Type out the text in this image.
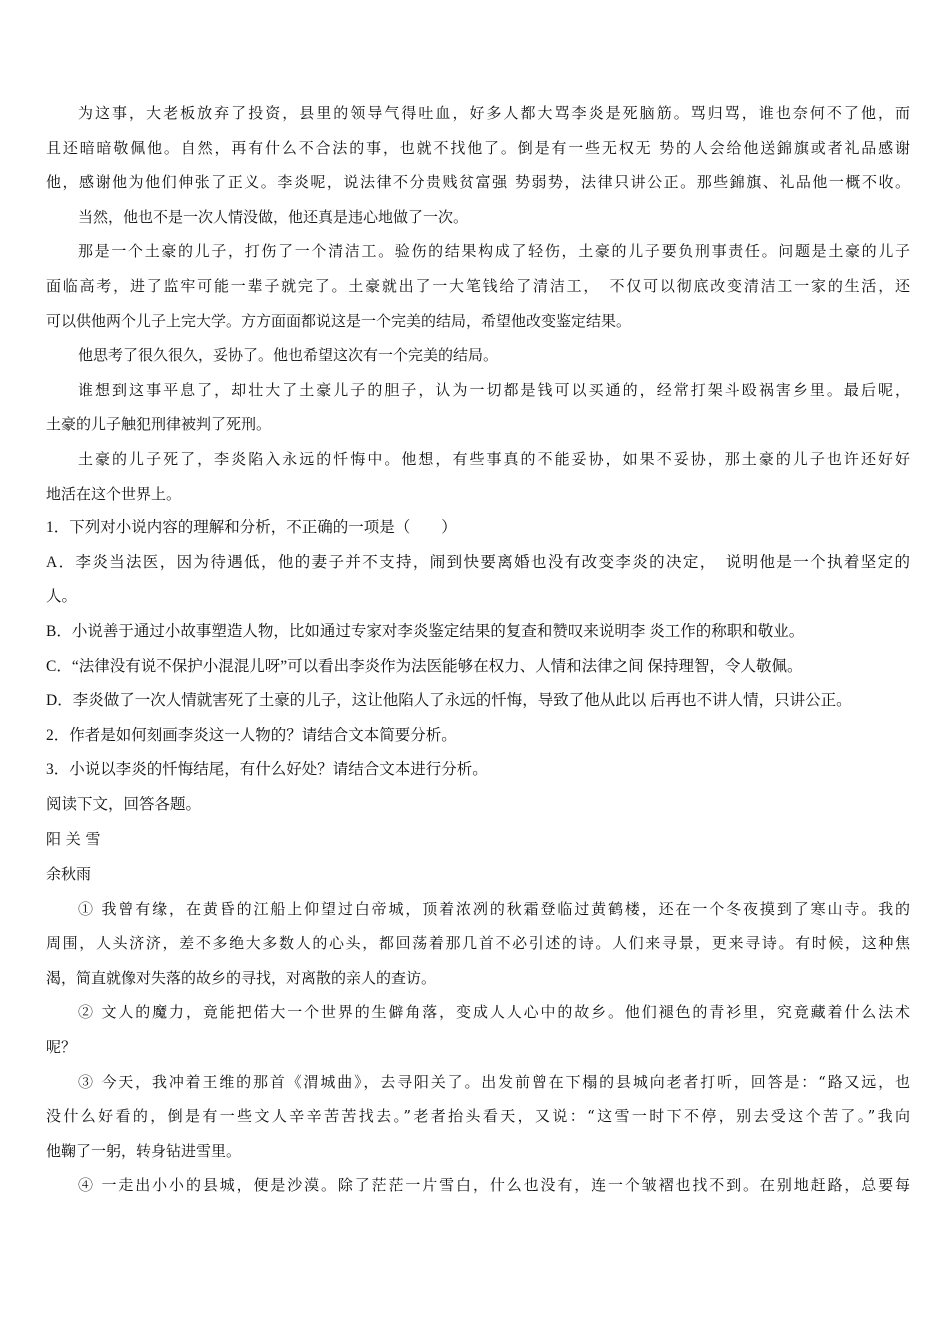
为这事，大老板放弃了投资，县里的领导气得吐血，好多人都大骂李炎是死脑筋。骂归骂，谁也奈何不了他，而
且还暗暗敬佩他。自然，再有什么不合法的事，也就不找他了。倒是有一些无权无 势的人会给他送錦旗或者礼品感谢
他，感谢他为他们伸张了正义。李炎呢，说法律不分贵贱贫富强 势弱势，法律只讲公正。那些錦旗、礼品他一概不收。
当然，他也不是一次人情没做，他还真是违心地做了一次。
那是一个土豪的儿子，打伤了一个清洁工。验伤的结果构成了轻伤，土豪的儿子要负刑事责任。问题是土豪的儿子
面临高考，进了监牢可能一辈子就完了。土豪就出了一大笔钱给了清洁工，　不仅可以彻底改变清洁工一家的生活，还
可以供他两个儿子上完大学。方方面面都说这是一个完美的结局，希望他改变鉴定结果。
他思考了很久很久，妥协了。他也希望这次有一个完美的结局。
谁想到这事平息了，却壮大了土豪儿子的胆子，认为一切都是钱可以买通的，经常打架斗殴祸害乡里。最后呢，
土豪的儿子触犯刑律被判了死刑。
土豪的儿子死了，李炎陷入永远的忏悔中。他想，有些事真的不能妥协，如果不妥协，那土豪的儿子也许还好好
地活在这个世界上。
1．下列对小说内容的理解和分析，不正确的一项是（　　）
A．李炎当法医，因为待遇低，他的妻子并不支持，闹到快要离婚也没有改变李炎的决定，　说明他是一个执着坚定的
人。
B．小说善于通过小故事塑造人物，比如通过专家对李炎鉴定结果的复查和赞叹来说明李 炎工作的称职和敬业。
C．“法律没有说不保护小混混儿呀”可以看出李炎作为法医能够在权力、人情和法律之间 保持理智，令人敬佩。
D．李炎做了一次人情就害死了土豪的儿子，这让他陷人了永远的忏悔，导致了他从此以 后再也不讲人情，只讲公正。
2．作者是如何刻画李炎这一人物的？请结合文本简要分析。
3．小说以李炎的忏悔结尾，有什么好处？请结合文本进行分析。
阅读下文，回答各题。
阳 关 雪
余秋雨
① 我曾有缘，在黄昏的江船上仰望过白帝城，顶着浓冽的秋霜登临过黄鹤楼，还在一个冬夜摸到了寒山寺。我的
周围，人头济济，差不多绝大多数人的心头，都回荡着那几首不必引述的诗。人们来寻景，更来寻诗。有时候，这种焦
渴，简直就像对失落的故乡的寻找，对离散的亲人的查访。
② 文人的魔力，竟能把偌大一个世界的生僻角落，变成人人心中的故乡。他们褪色的青衫里，究竟藏着什么法术
呢？
③ 今天，我冲着王维的那首《渭城曲》，去寻阳关了。出发前曾在下榻的县城向老者打听，回答是：“路又远，也
没什么好看的，倒是有一些文人辛辛苦苦找去。”老者抬头看天，又说：“这雪一时下不停，别去受这个苦了。”我向
他鞠了一躬，转身钻进雪里。
④ 一走出小小的县城，便是沙漠。除了茫茫一片雪白，什么也没有，连一个皱褶也找不到。在别地赶路，总要每
